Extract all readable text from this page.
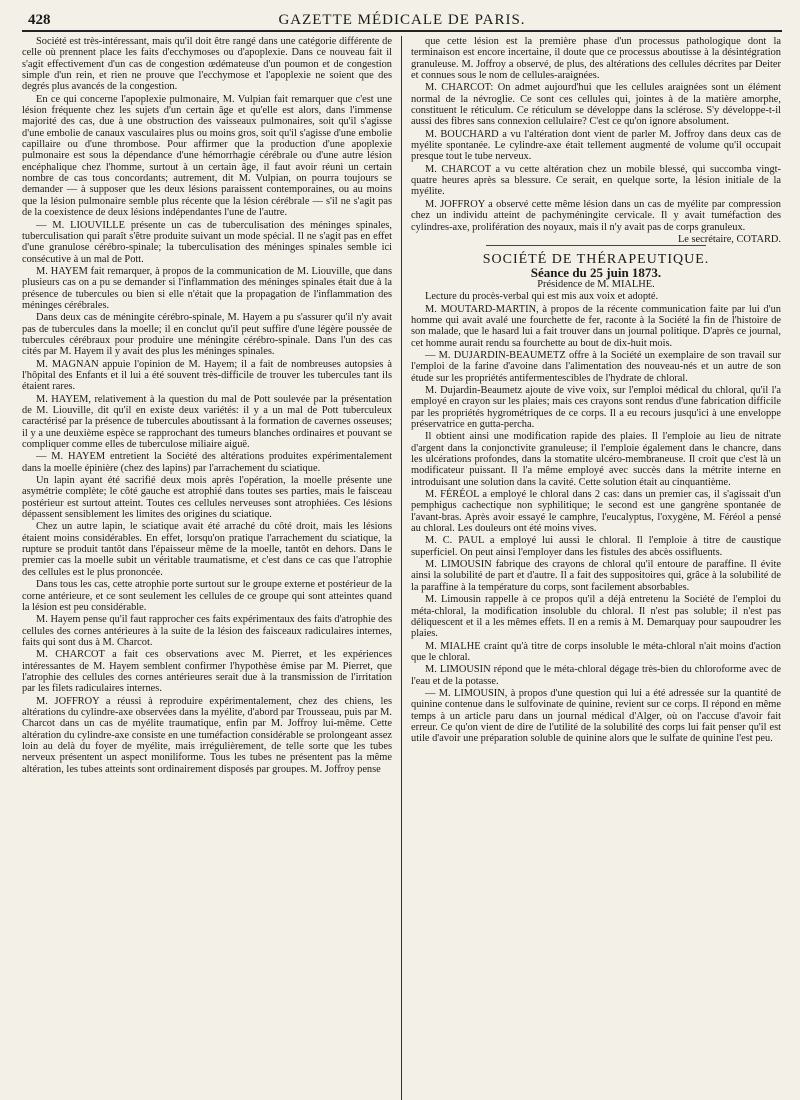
428	GAZETTE MÉDICALE DE PARIS.

Société est très-intéressant, mais qu'il doit être rangé dans une catégorie différente de celle où prennent place les faits d'ecchymoses ou d'apoplexie. Dans ce nouveau fait il s'agit effectivement d'un cas de congestion œdémateuse d'un poumon et de congestion simple d'un rein, et rien ne prouve que l'ecchymose et l'apoplexie ne soient que des degrés plus avancés de la congestion.

En ce qui concerne l'apoplexie pulmonaire, M. Vulpian fait remarquer que c'est une lésion fréquente chez les sujets d'un certain âge et qu'elle est alors, dans l'immense majorité des cas, due à une obstruction des vaisseaux pulmonaires, soit qu'il s'agisse d'une embolie de canaux vasculaires plus ou moins gros, soit qu'il s'agisse d'une embolie capillaire ou d'une thrombose. Pour affirmer que la production d'une apoplexie pulmonaire est sous la dépendance d'une hémorrhagie cérébrale ou d'une autre lésion encéphalique chez l'homme, surtout à un certain âge, il faut avoir réuni un certain nombre de cas tous concordants; autrement, dit M. Vulpian, on pourra toujours se demander — à supposer que les deux lésions paraissent contemporaines, ou au moins que la lésion pulmonaire semble plus récente que la lésion cérébrale — s'il ne s'agit pas de la coexistence de deux lésions indépendantes l'une de l'autre.

— M. LIOUVILLE présente un cas de tuberculisation des méninges spinales, tuberculisation qui paraît s'être produite suivant un mode spécial. Il ne s'agit pas en effet d'une granulose cérébro-spinale; la tuberculisation des méninges spinales semble ici consécutive à un mal de Pott.

M. HAYEM fait remarquer, à propos de la communication de M. Liouville, que dans plusieurs cas on a pu se demander si l'inflammation des méninges spinales était due à la présence de tubercules ou bien si elle n'était que la propagation de l'inflammation des méninges cérébrales.

Dans deux cas de méningite cérébro-spinale, M. Hayem a pu s'assurer qu'il n'y avait pas de tubercules dans la moelle; il en conclut qu'il peut suffire d'une légère poussée de tubercules cérébraux pour produire une méningite cérébro-spinale. Dans l'un des cas cités par M. Hayem il y avait des plus les méninges spinales.

M. MAGNAN appuie l'opinion de M. Hayem; il a fait de nombreuses autopsies à l'hôpital des Enfants et il lui a été souvent très-difficile de trouver les tubercules tant ils étaient rares.

M. HAYEM, relativement à la question du mal de Pott soulevée par la présentation de M. Liouville, dit qu'il en existe deux variétés: il y a un mal de Pott tuberculeux caractérisé par la présence de tubercules aboutissant à la formation de cavernes osseuses; il y a une deuxième espèce se rapprochant des tumeurs blanches ordinaires et pouvant se compliquer comme elles de tuberculose miliaire aiguë.

— M. HAYEM entretient la Société des altérations produites expérimentalement dans la moelle épinière (chez des lapins) par l'arrachement du sciatique.

Un lapin ayant été sacrifié deux mois après l'opération, la moelle présente une asymétrie complète; le côté gauche est atrophié dans toutes ses parties, mais le faisceau postérieur est surtout atteint. Toutes ces cellules nerveuses sont atrophiées. Ces lésions dépassent sensiblement les limites des origines du sciatique.

Chez un autre lapin, le sciatique avait été arraché du côté droit, mais les lésions étaient moins considérables. En effet, lorsqu'on pratique l'arrachement du sciatique, la rupture se produit tantôt dans l'épaisseur même de la moelle, tantôt en dehors. Dans le premier cas la moelle subit un véritable traumatisme, et c'est dans ce cas que l'atrophie des cellules est le plus prononcée.

Dans tous les cas, cette atrophie porte surtout sur le groupe externe et postérieur de la corne antérieure, et ce sont seulement les cellules de ce groupe qui sont atteintes quand la lésion est peu considérable.

M. Hayem pense qu'il faut rapprocher ces faits expérimentaux des faits d'atrophie des cellules des cornes antérieures à la suite de la lésion des faisceaux radiculaires internes, faits qui sont dus à M. Charcot.

M. CHARCOT a fait ces observations avec M. Pierret, et les expériences intéressantes de M. Hayem semblent confirmer l'hypothèse émise par M. Pierret, que l'atrophie des cellules des cornes antérieures serait due à la transmission de l'irritation par les filets radiculaires internes.

M. JOFFROY a réussi à reproduire expérimentalement, chez des chiens, les altérations du cylindre-axe observées dans la myélite, d'abord par Trousseau, puis par M. Charcot dans un cas de myélite traumatique, enfin par M. Joffroy lui-même. Cette altération du cylindre-axe consiste en une tuméfaction considérable se prolongeant assez loin au delà du foyer de myélite, mais irrégulièrement, de telle sorte que les tubes nerveux présentent un aspect moniliforme. Tous les tubes ne présentent pas la même altération, les tubes atteints sont ordinairement disposés par groupes. M. Joffroy pense

que cette lésion est la première phase d'un processus pathologique dont la terminaison est encore incertaine, il doute que ce processus aboutisse à la désintégration granuleuse. M. Joffroy a observé, de plus, des altérations des cellules décrites par Deiter et connues sous le nom de cellules-araignées.

M. CHARCOT: On admet aujourd'hui que les cellules araignées sont un élément normal de la névroglie. Ce sont ces cellules qui, jointes à de la matière amorphe, constituent le réticulum. Ce réticulum se développe dans la sclérose. S'y développe-t-il aussi des fibres sans connexion cellulaire? C'est ce qu'on ignore absolument.

M. BOUCHARD a vu l'altération dont vient de parler M. Joffroy dans deux cas de myélite spontanée. Le cylindre-axe était tellement augmenté de volume qu'il occupait presque tout le tube nerveux.

M. CHARCOT a vu cette altération chez un mobile blessé, qui succomba vingt-quatre heures après sa blessure. Ce serait, en quelque sorte, la lésion initiale de la myélite.

M. JOFFROY a observé cette même lésion dans un cas de myélite par compression chez un individu atteint de pachyméningite cervicale. Il y avait tuméfaction des cylindres-axe, prolifération des noyaux, mais il n'y avait pas de corps granuleux.

Le secrétaire, COTARD.

SOCIÉTÉ DE THÉRAPEUTIQUE.

Séance du 25 juin 1873.

Présidence de M. MIALHE.

Lecture du procès-verbal qui est mis aux voix et adopté.

M. MOUTARD-MARTIN, à propos de la récente communication faite par lui d'un homme qui avait avalé une fourchette de fer, raconte à la Société la fin de l'histoire de son malade, que le hasard lui a fait trouver dans un journal politique. D'après ce journal, cet homme aurait rendu sa fourchette au bout de dix-huit mois.

— M. DUJARDIN-BEAUMETZ offre à la Société un exemplaire de son travail sur l'emploi de la farine d'avoine dans l'alimentation des nouveau-nés et un autre de son étude sur les propriétés antifermentescibles de l'hydrate de chloral.

M. Dujardin-Beaumetz ajoute de vive voix, sur l'emploi médical du chloral, qu'il l'a employé en crayon sur les plaies; mais ces crayons sont rendus d'une fabrication difficile par les propriétés hygrométriques de ce corps. Il a eu recours jusqu'ici à une enveloppe préservatrice en gutta-percha.

Il obtient ainsi une modification rapide des plaies. Il l'emploie au lieu de nitrate d'argent dans la conjonctivite granuleuse; il l'emploie également dans le chancre, dans les ulcérations profondes, dans la stomatite ulcéro-membraneuse. Il croit que c'est là un modificateur puissant. Il l'a même employé avec succès dans la métrite interne en introduisant une solution dans la cavité. Cette solution était au cinquantième.

M. FÉRÉOL a employé le chloral dans 2 cas: dans un premier cas, il s'agissait d'un pemphigus cachectique non syphilitique; le second est une gangrène spontanée de l'avant-bras. Après avoir essayé le camphre, l'eucalyptus, l'oxygène, M. Féréol a pensé au chloral. Les douleurs ont été moins vives.

M. C. PAUL a employé lui aussi le chloral. Il l'emploie à titre de caustique superficiel. On peut ainsi l'employer dans les fistules des abcès ossifluents.

M. LIMOUSIN fabrique des crayons de chloral qu'il entoure de paraffine. Il évite ainsi la solubilité de part et d'autre. Il a fait des suppositoires qui, grâce à la solubilité de la paraffine à la température du corps, sont facilement absorbables.

M. Limousin rappelle à ce propos qu'il a déjà entretenu la Société de l'emploi du méta-chloral, la modification insoluble du chloral. Il n'est pas soluble; il n'est pas déliquescent et il a les mêmes effets. Il en a remis à M. Demarquay pour saupoudrer les plaies.

M. MIALHE craint qu'à titre de corps insoluble le méta-chloral n'ait moins d'action que le chloral.

M. LIMOUSIN répond que le méta-chloral dégage très-bien du chloroforme avec de l'eau et de la potasse.

— M. LIMOUSIN, à propos d'une question qui lui a été adressée sur la quantité de quinine contenue dans le sulfovinate de quinine, revient sur ce corps. Il répond en même temps à un article paru dans un journal médical d'Alger, où on l'accuse d'avoir fait erreur. Ce qu'on vient de dire de l'utilité de la solubilité des corps lui fait penser qu'il est utile d'avoir une préparation soluble de quinine alors que le sulfate de quinine l'est peu.
